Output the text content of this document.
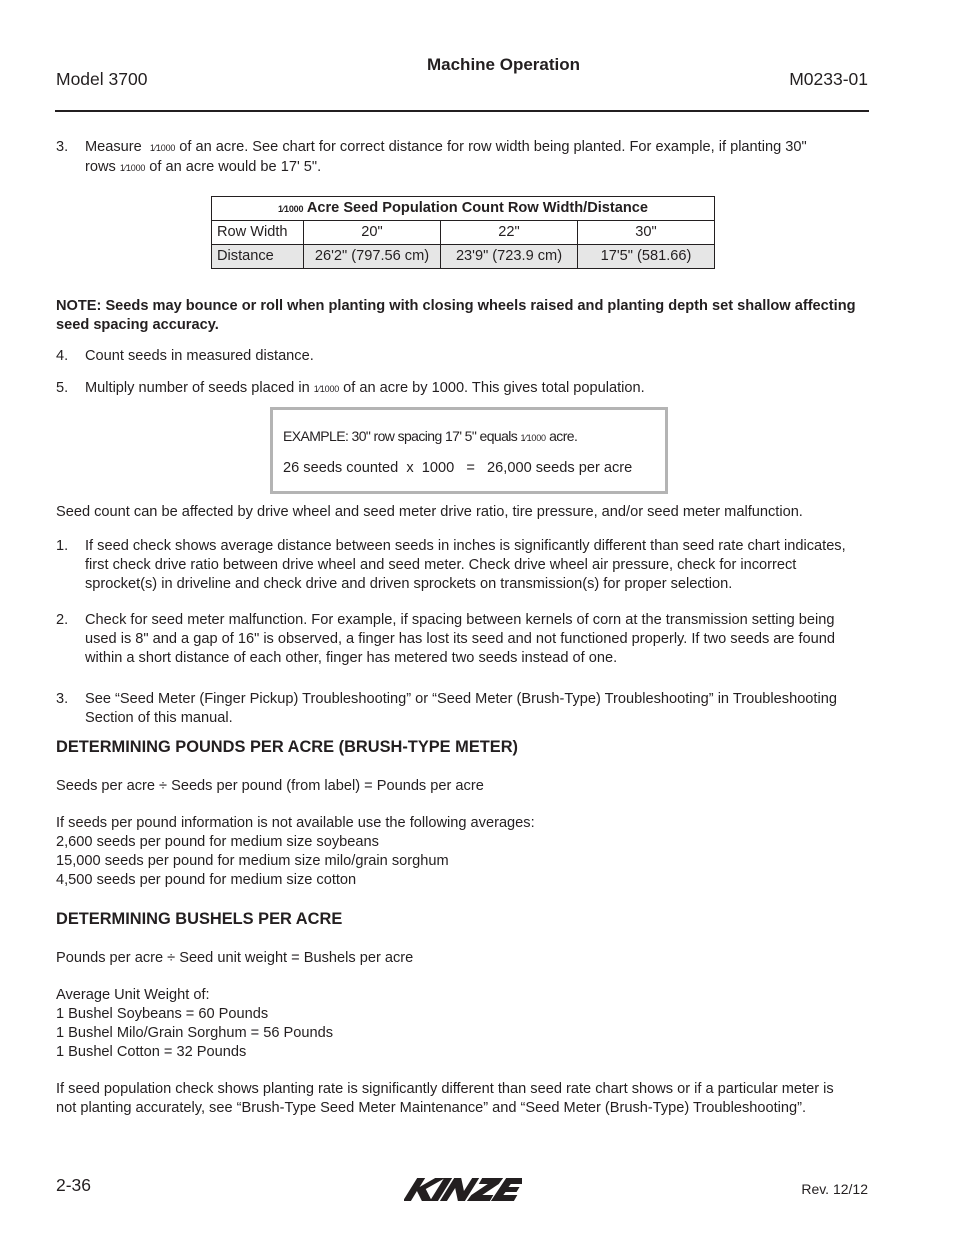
Model 3700
Machine Operation
M0233-01
3. Measure 1⁄1000 of an acre. See chart for correct distance for row width being planted. For example, if planting 30"
rows 1⁄1000 of an acre would be 17' 5".
1⁄1000 Acre Seed Population Count Row Width/Distance			
Row Width	20"	22"	30"
Distance	26'2" (797.56 cm)	23'9" (723.9 cm)	17'5" (581.66)
NOTE: Seeds may bounce or roll when planting with closing wheels raised and planting depth set shallow affecting seed spacing accuracy.
4. Count seeds in measured distance.
5. Multiply number of seeds placed in 1⁄1000 of an acre by 1000. This gives total population.
EXAMPLE: 30" row spacing 17' 5" equals 1⁄1000 acre.
26 seeds counted  x  1000   =   26,000 seeds per acre
Seed count can be affected by drive wheel and seed meter drive ratio, tire pressure, and/or seed meter malfunction.
1. If seed check shows average distance between seeds in inches is significantly different than seed rate chart indicates, first check drive ratio between drive wheel and seed meter. Check drive wheel air pressure, check for incorrect sprocket(s) in driveline and check drive and driven sprockets on transmission(s) for proper selection.
2. Check for seed meter malfunction. For example, if spacing between kernels of corn at the transmission setting being used is 8" and a gap of 16" is observed, a finger has lost its seed and not functioned properly. If two seeds are found within a short distance of each other, finger has metered two seeds instead of one.
3. See “Seed Meter (Finger Pickup) Troubleshooting” or “Seed Meter (Brush-Type) Troubleshooting” in Troubleshooting Section of this manual.
DETERMINING POUNDS PER ACRE (BRUSH-TYPE METER)
Seeds per acre ÷ Seeds per pound (from label) = Pounds per acre
If seeds per pound information is not available use the following averages:
2,600 seeds per pound for medium size soybeans
15,000 seeds per pound for medium size milo/grain sorghum
4,500 seeds per pound for medium size cotton
DETERMINING BUSHELS PER ACRE
Pounds per acre ÷ Seed unit weight = Bushels per acre
Average Unit Weight of:
1 Bushel Soybeans = 60 Pounds
1 Bushel Milo/Grain Sorghum = 56 Pounds
1 Bushel Cotton = 32 Pounds
If seed population check shows planting rate is significantly different than seed rate chart shows or if a particular meter is not planting accurately, see “Brush-Type Seed Meter Maintenance” and “Seed Meter (Brush-Type) Troubleshooting”.
2-36	Rev. 12/12
